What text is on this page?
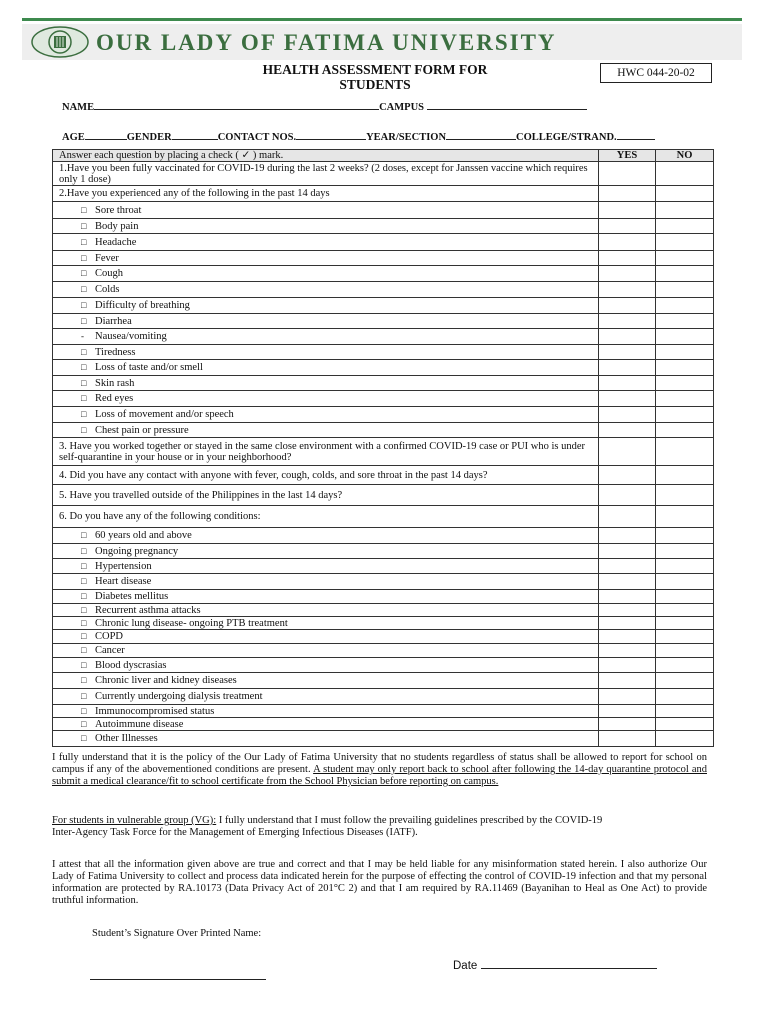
OUR LADY OF FATIMA UNIVERSITY
HEALTH ASSESSMENT FORM FOR
STUDENTS
HWC 044-20-02
NAME	CAMPUS
AGE	GENDER	CONTACT NOS.	YEAR/SECTION	COLLEGE/STRAND.
Answer each question by placing a check ( ✓ ) mark.	YES	NO
1.Have you been fully vaccinated for COVID-19 during the last 2 weeks? (2 doses, except for Janssen vaccine which requires only 1 dose)		
2.Have you experienced any of the following in the past 14 days		
□ Sore throat		
□ Body pain		
□ Headache		
□ Fever		
□ Cough		
□ Colds		
□ Difficulty of breathing		
□ Diarrhea		
- Nausea/vomiting		
□ Tiredness		
□ Loss of taste and/or smell		
□ Skin rash		
□ Red eyes		
□ Loss of movement and/or speech		
□ Chest pain or pressure		
3. Have you worked together or stayed in the same close environment with a confirmed COVID-19 case or PUI who is under self-quarantine in your house or in your neighborhood?		
4. Did you have any contact with anyone with fever, cough, colds, and sore throat in the past 14 days?		
5. Have you travelled outside of the Philippines in the last 14 days?		
6. Do you have any of the following conditions:		
□ 60 years old and above		
□ Ongoing pregnancy		
□ Hypertension		
□ Heart disease		
□ Diabetes mellitus		
□ Recurrent asthma attacks		
□ Chronic lung disease- ongoing PTB treatment		
□ COPD		
□ Cancer		
□ Blood dyscrasias		
□ Chronic liver and kidney diseases		
□ Currently undergoing dialysis treatment		
□ Immunocompromised status		
□ Autoimmune disease		
□ Other Illnesses		
I fully understand that it is the policy of the Our Lady of Fatima University that no students regardless of status shall be allowed to report for school on campus if any of the abovementioned conditions are present. A student may only report back to school after following the 14-day quarantine protocol and submit a medical clearance/fit to school certificate from the School Physician before reporting on campus.
For students in vulnerable group (VG): I fully understand that I must follow the prevailing guidelines prescribed by the COVID-19
Inter-Agency Task Force for the Management of Emerging Infectious Diseases (IATF).
I attest that all the information given above are true and correct and that I may be held liable for any misinformation stated herein. I also authorize Our Lady of Fatima University to collect and process data indicated herein for the purpose of effecting the control of COVID-19 infection and that my personal information are protected by RA.10173 (Data Privacy Act of 201°C 2) and that I am required by RA.11469 (Bayanihan to Heal as One Act) to provide truthful information.
Student’s Signature Over Printed Name:
Date
